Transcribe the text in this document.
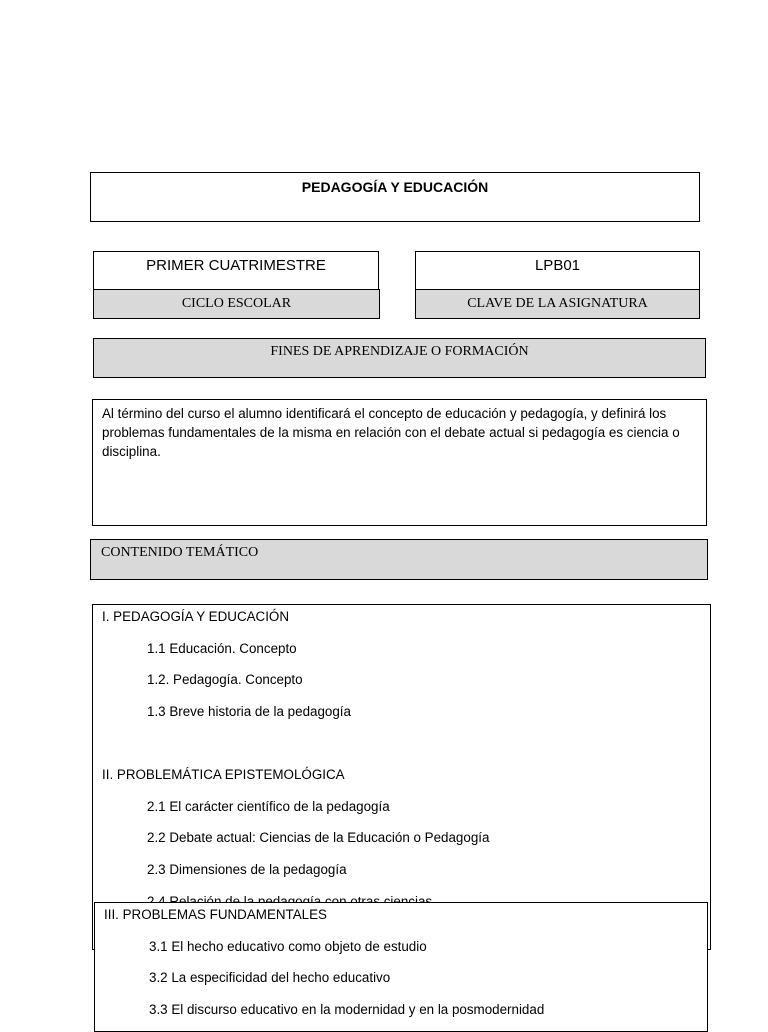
PEDAGOGÍA Y EDUCACIÓN
PRIMER CUATRIMESTRE
CICLO ESCOLAR
LPB01
CLAVE DE LA ASIGNATURA
FINES DE APRENDIZAJE O FORMACIÓN
Al término del curso el alumno identificará el concepto de educación y pedagogía, y definirá los problemas fundamentales de la misma en relación con el debate actual si pedagogía es ciencia o disciplina.
CONTENIDO TEMÁTICO
I. PEDAGOGÍA Y EDUCACIÓN
1.1 Educación. Concepto
1.2. Pedagogía. Concepto
1.3 Breve historia de la pedagogía
II. PROBLEMÁTICA EPISTEMOLÓGICA
2.1 El carácter científico de la pedagogía
2.2 Debate actual: Ciencias de la Educación o Pedagogía
2.3 Dimensiones de la pedagogía
III. PROBLEMAS FUNDAMENTALES
3.1 El hecho educativo como objeto de estudio
3.2 La especificidad del hecho educativo
3.3 El discurso educativo en la modernidad y en la posmodernidad
